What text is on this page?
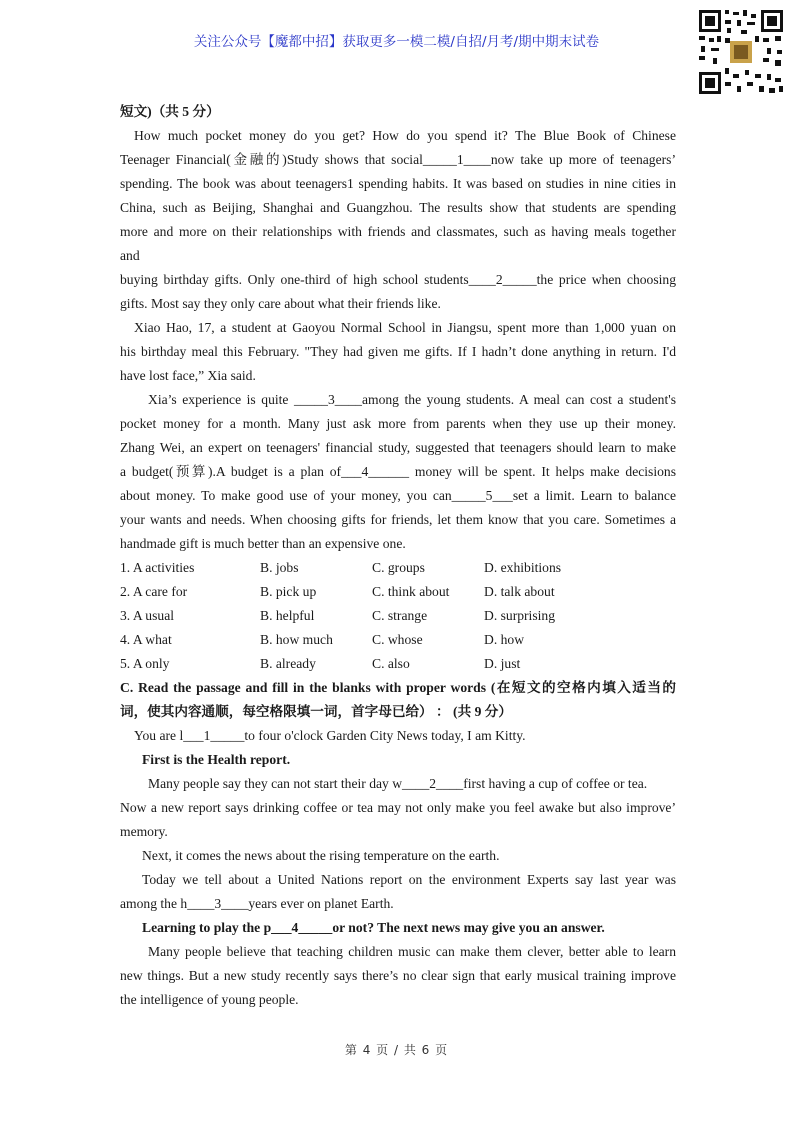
关注公众号【魔都中招】获取更多一模二模/自招/月考/期中期末试卷
短文)（共 5 分）
How much pocket money do you get? How do you spend it? The Blue Book of Chinese
Teenager Financial(金融的)Study shows that social_____1____now take up more of teenagers’
spending. The book was about teenagers1 spending habits. It was based on studies in nine cities in
China, such as Beijing, Shanghai and Guangzhou. The results show that students are spending
more and more on their relationships with friends and classmates, such as having meals together
and
buying birthday gifts. Only one-third of high school students____2_____the price when choosing
gifts. Most say they only care about what their friends like.
Xiao Hao, 17, a student at Gaoyou Normal School in Jiangsu, spent more than 1,000 yuan on
his birthday meal this February. "They had given me gifts. If I hadn’t done anything in return. I'd
have lost face,” Xia said.
Xia’s experience is quite _____3____among the young students. A meal can cost a student's
pocket money for a month. Many just ask more from parents when they use up their money.
Zhang Wei, an expert on teenagers' financial study, suggested that teenagers should learn to make
a budget(预算).A budget is a plan of___4______ money will be spent. It helps make decisions
about money. To make good use of your money, you can_____5___set a limit. Learn to balance
your wants and needs. When choosing gifts for friends, let them know that you care. Sometimes a
handmade gift is much better than an expensive one.
1. A activities	B. jobs	C. groups	D. exhibitions
2. A care for	B. pick up	C. think about	D. talk about
3. A usual	B. helpful	C. strange	D. surprising
4. A what	B. how much	C. whose	D. how
5. A only	B. already	C. also	D. just
C. Read the passage and fill in the blanks with proper words (在短文的空格内填入适当的
词，使其内容通顺，每空格限填一词，首字母已给） ： (共 9 分）
You are l___1_____to four o'clock Garden City News today, I am Kitty.
First is the Health report.
Many people say they can not start their day w____2____first having a cup of coffee or tea.
Now a new report says drinking coffee or tea may not only make you feel awake but also improve’
memory.
Next, it comes the news about the rising temperature on the earth.
Today we tell about a United Nations report on the environment Experts say last year was
among the h____3____years ever on planet Earth.
Learning to play the p___4_____or not? The next news may give you an answer.
Many people believe that teaching children music can make them clever, better able to learn
new things. But a new study recently says there’s no clear sign that early musical training improve
the intelligence of young people.
第 4 页 / 共 6 页
